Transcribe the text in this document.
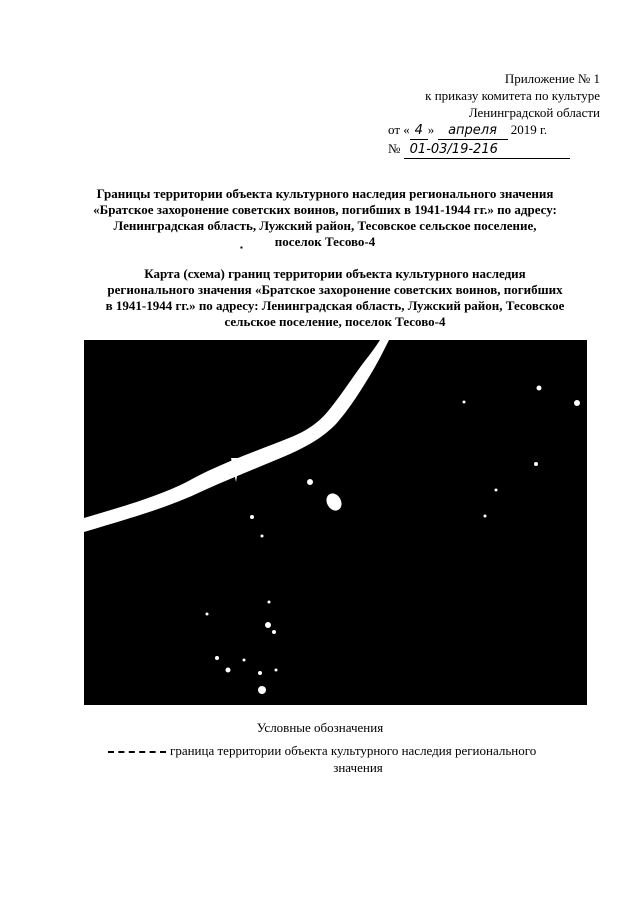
Приложение № 1
к приказу комитета по культуре
Ленинградской области
от « 4 » апреля 2019 г.
№ 01-03/19-216
Границы территории объекта культурного наследия регионального значения
«Братское захоронение советских воинов, погибших в 1941-1944 гг.» по адресу:
Ленинградская область, Лужский район, Тесовское сельское поселение,
поселок Тесово-4
▪
Карта (схема) границ территории объекта культурного наследия
регионального значения «Братское захоронение советских воинов, погибших
в 1941-1944 гг.» по адресу: Ленинградская область, Лужский район, Тесовское
сельское поселение, поселок Тесово-4
Условные обозначения
граница территории объекта культурного наследия регионального
значения
